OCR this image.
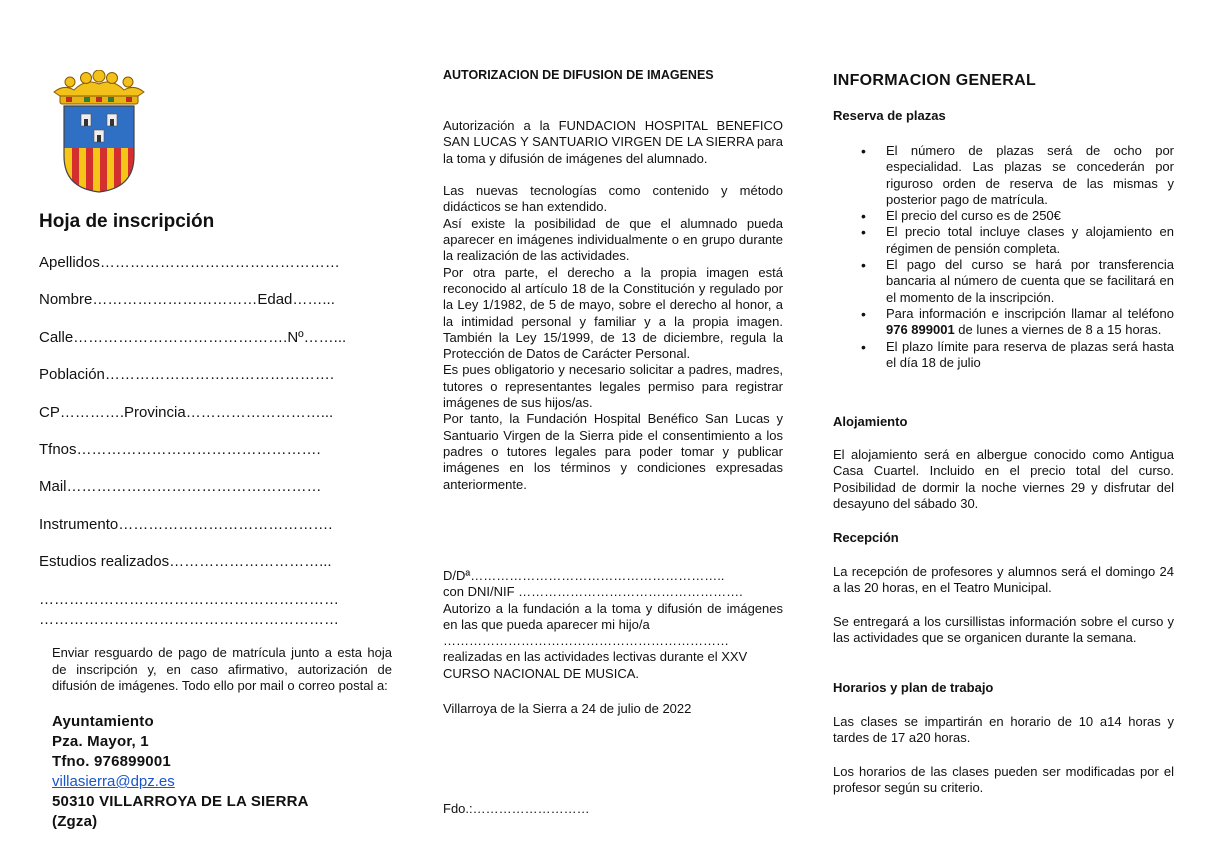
Hoja de inscripción
Apellidos…………………………………………
Nombre……………………………Edad……...
Calle…………………………………….Nº……...
Población……………………………………….
CP………….Provincia………………………...
Tfnos………………………………………….
Mail……………………………………………
Instrumento…………………………………….
Estudios realizados…………………………...
……………………………………………………
……………………………………………………
Enviar resguardo de pago de matrícula junto a esta hoja de inscripción y, en caso afirmativo, autorización de difusión de imágenes. Todo ello por mail o correo postal a:
Ayuntamiento
Pza. Mayor, 1
Tfno. 976899001
villasierra@dpz.es
50310 VILLARROYA DE LA SIERRA
(Zgza)
AUTORIZACION DE DIFUSION DE IMAGENES
Autorización a la FUNDACION HOSPITAL BENEFICO SAN LUCAS Y SANTUARIO VIRGEN DE LA SIERRA para la toma y difusión de imágenes del alumnado.
Las nuevas tecnologías como contenido y método didácticos se han extendido.
Así existe la posibilidad de que el alumnado pueda aparecer en imágenes individualmente o en grupo durante la realización de las actividades.
Por otra parte, el derecho a la propia imagen está reconocido al artículo 18 de la Constitución y regulado por la Ley 1/1982, de 5 de mayo, sobre el derecho al honor, a la intimidad personal y familiar y a la propia imagen. También la Ley 15/1999, de 13 de diciembre, regula la Protección de Datos de Carácter Personal.
Es pues obligatorio y necesario solicitar a padres, madres, tutores o representantes legales permiso para registrar imágenes de sus hijos/as.
Por tanto, la Fundación Hospital Benéfico San Lucas y Santuario Virgen de la Sierra pide el consentimiento a los padres o tutores legales para poder tomar y publicar imágenes en los términos y condiciones expresadas anteriormente.
D/Dª…………………………………………………..
con DNI/NIF …………………………………………….
Autorizo a la fundación a la toma y difusión de imágenes en las que pueda aparecer mi hijo/a
…………………………………………………………
realizadas en las actividades lectivas durante el XXV CURSO NACIONAL DE MUSICA.
Villarroya de la Sierra a 24 de julio de 2022
Fdo.:………………………
INFORMACION GENERAL
Reserva de plazas
• El número de plazas será de ocho por especialidad. Las plazas se concederán por riguroso orden de reserva de las mismas y posterior pago de matrícula.
• El precio del curso es de 250€
• El precio total incluye clases y alojamiento en régimen de pensión completa.
• El pago del curso se hará por transferencia bancaria al número de cuenta que se facilitará en el momento de la inscripción.
• Para información e inscripción llamar al teléfono 976 899001 de lunes a viernes de 8 a 15 horas.
• El plazo límite para reserva de plazas será hasta el día 18 de julio
Alojamiento
El alojamiento será en albergue conocido como Antigua Casa Cuartel. Incluido en el precio total del curso. Posibilidad de dormir la noche viernes 29 y disfrutar del desayuno del sábado 30.
Recepción
La recepción de profesores y alumnos será el domingo 24 a las 20 horas, en el Teatro Municipal.
Se entregará a los cursillistas información sobre el curso y las actividades que se organicen durante la semana.
Horarios y plan de trabajo
Las clases se impartirán en horario de 10 a14 horas y tardes de 17 a20 horas.
Los horarios de las clases pueden ser modificadas por el profesor según su criterio.
